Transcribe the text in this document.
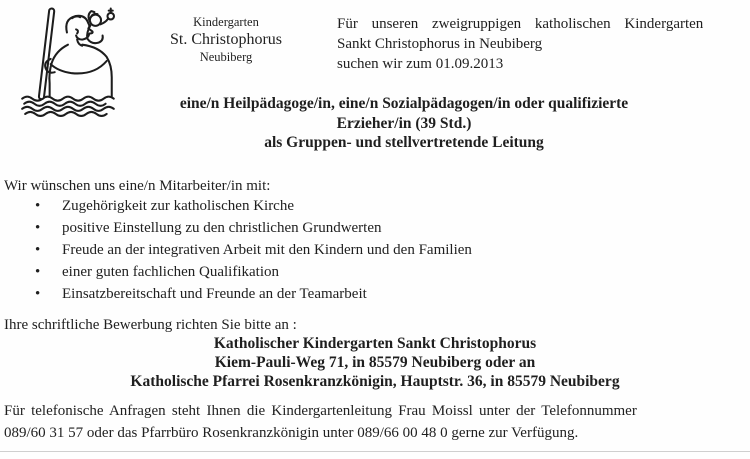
Kindergarten
St. Christophorus
Neubiberg
Für unseren zweigruppigen katholischen Kindergarten
Sankt Christophorus in Neubiberg
suchen wir zum 01.09.2013
eine/n Heilpädagoge/in, eine/n Sozialpädagogen/in oder qualifizierte
Erzieher/in (39 Std.)
als Gruppen- und stellvertretende Leitung
Wir wünschen uns eine/n Mitarbeiter/in mit:
• Zugehörigkeit zur katholischen Kirche
• positive Einstellung zu den christlichen Grundwerten
• Freude an der integrativen Arbeit mit den Kindern und den Familien
• einer guten fachlichen Qualifikation
• Einsatzbereitschaft und Freunde an der Teamarbeit
Ihre schriftliche Bewerbung richten Sie bitte an :
Katholischer Kindergarten Sankt Christophorus
Kiem-Pauli-Weg 71, in 85579 Neubiberg oder an
Katholische Pfarrei Rosenkranzkönigin, Hauptstr. 36, in 85579 Neubiberg
Für telefonische Anfragen steht Ihnen die Kindergartenleitung Frau Moissl unter der Telefonnummer
089/60 31 57 oder das Pfarrbüro Rosenkranzkönigin unter 089/66 00 48 0 gerne zur Verfügung.
